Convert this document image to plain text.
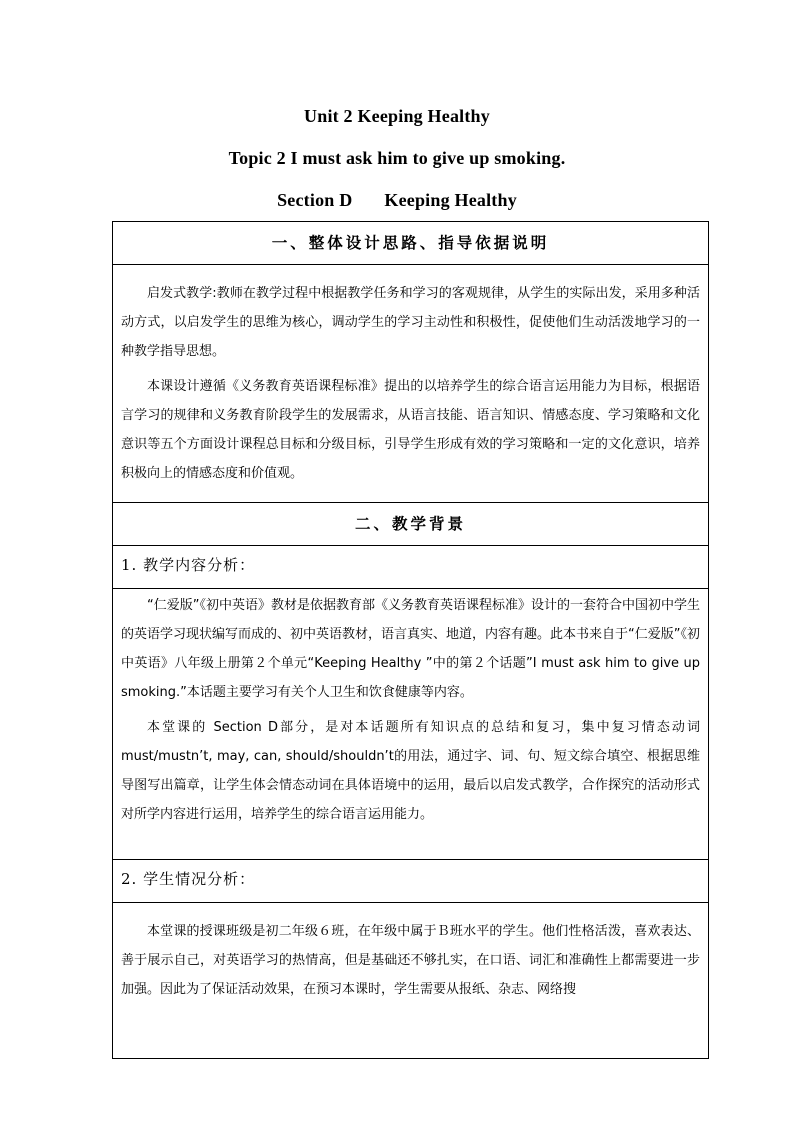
Unit 2 Keeping Healthy
Topic 2 I must ask him to give up smoking.
Section D Keeping Healthy
一、整体设计思路、指导依据说明

启发式教学:教师在教学过程中根据教学任务和学习的客观规律，从学生的实际出发，采用多种活动方式，以启发学生的思维为核心，调动学生的学习主动性和积极性，促使他们生动活泼地学习的一种教学指导思想。

本课设计遵循《义务教育英语课程标准》提出的以培养学生的综合语言运用能力为目标，根据语言学习的规律和义务教育阶段学生的发展需求，从语言技能、语言知识、情感态度、学习策略和文化意识等五个方面设计课程总目标和分级目标，引导学生形成有效的学习策略和一定的文化意识，培养积极向上的情感态度和价值观。

二、教学背景
1. 教学内容分析：

“仁爱版”《初中英语》教材是依据教育部《义务教育英语课程标准》设计的一套符合中国初中学生的英语学习现状编写而成的、初中英语教材，语言真实、地道，内容有趣。此本书来自于“仁爱版”《初中英语》八年级上册第２个单元“Keeping Healthy ”中的第２个话题”I must ask him to give up smoking.”本话题主要学习有关个人卫生和饮食健康等内容。

本堂课的 Section D部分，是对本话题所有知识点的总结和复习，集中复习情态动词must/mustn’t, may, can, should/shouldn’t的用法，通过字、词、句、短文综合填空、根据思维导图写出篇章，让学生体会情态动词在具体语境中的运用，最后以启发式教学，合作探究的活动形式对所学内容进行运用，培养学生的综合语言运用能力。

2. 学生情况分析：

本堂课的授课班级是初二年级６班，在年级中属于Ｂ班水平的学生。他们性格活泼，喜欢表达、善于展示自己，对英语学习的热情高，但是基础还不够扎实，在口语、词汇和准确性上都需要进一步加强。因此为了保证活动效果，在预习本课时，学生需要从报纸、杂志、网络搜
